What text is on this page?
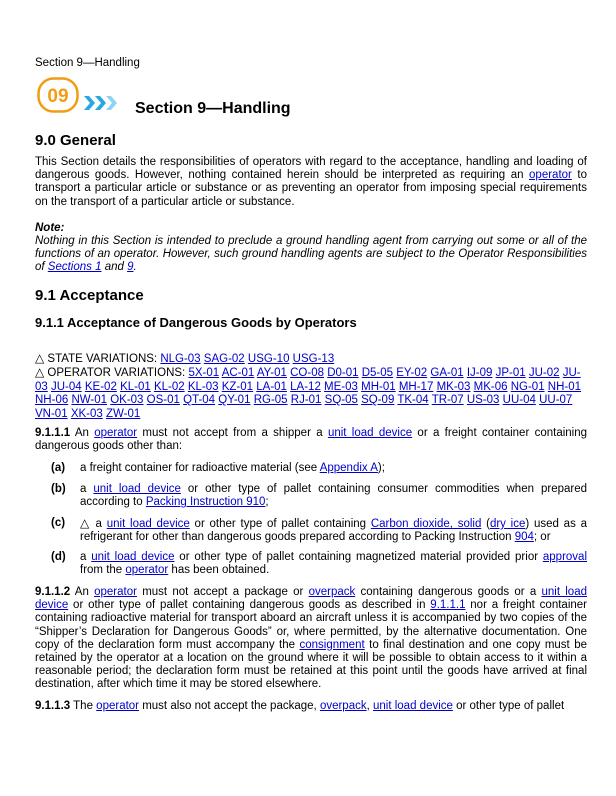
Section 9—Handling
09
Section 9—Handling
9.0 General
This Section details the responsibilities of operators with regard to the acceptance, handling and loading of dangerous goods. However, nothing contained herein should be interpreted as requiring an operator to transport a particular article or substance or as preventing an operator from imposing special requirements on the transport of a particular article or substance.
Note:
Nothing in this Section is intended to preclude a ground handling agent from carrying out some or all of the functions of an operator. However, such ground handling agents are subject to the Operator Responsibilities of Sections 1 and 9.
9.1 Acceptance
9.1.1 Acceptance of Dangerous Goods by Operators
△ STATE VARIATIONS: NLG-03 SAG-02 USG-10 USG-13
△ OPERATOR VARIATIONS: 5X-01 AC-01 AY-01 CO-08 D0-01 D5-05 EY-02 GA-01 IJ-09 JP-01 JU-02 JU-03 JU-04 KE-02 KL-01 KL-02 KL-03 KZ-01 LA-01 LA-12 ME-03 MH-01 MH-17 MK-03 MK-06 NG-01 NH-01 NH-06 NW-01 OK-03 OS-01 QT-04 QY-01 RG-05 RJ-01 SQ-05 SQ-09 TK-04 TR-07 US-03 UU-04 UU-07 VN-01 XK-03 ZW-01
9.1.1.1 An operator must not accept from a shipper a unit load device or a freight container containing dangerous goods other than:
(a) a freight container for radioactive material (see Appendix A);
(b) a unit load device or other type of pallet containing consumer commodities when prepared according to Packing Instruction 910;
(c) △ a unit load device or other type of pallet containing Carbon dioxide, solid (dry ice) used as a refrigerant for other than dangerous goods prepared according to Packing Instruction 904; or
(d) a unit load device or other type of pallet containing magnetized material provided prior approval from the operator has been obtained.
9.1.1.2 An operator must not accept a package or overpack containing dangerous goods or a unit load device or other type of pallet containing dangerous goods as described in 9.1.1.1 nor a freight container containing radioactive material for transport aboard an aircraft unless it is accompanied by two copies of the “Shipper’s Declaration for Dangerous Goods” or, where permitted, by the alternative documentation. One copy of the declaration form must accompany the consignment to final destination and one copy must be retained by the operator at a location on the ground where it will be possible to obtain access to it within a reasonable period; the declaration form must be retained at this point until the goods have arrived at final destination, after which time it may be stored elsewhere.
9.1.1.3 The operator must also not accept the package, overpack, unit load device or other type of pallet
